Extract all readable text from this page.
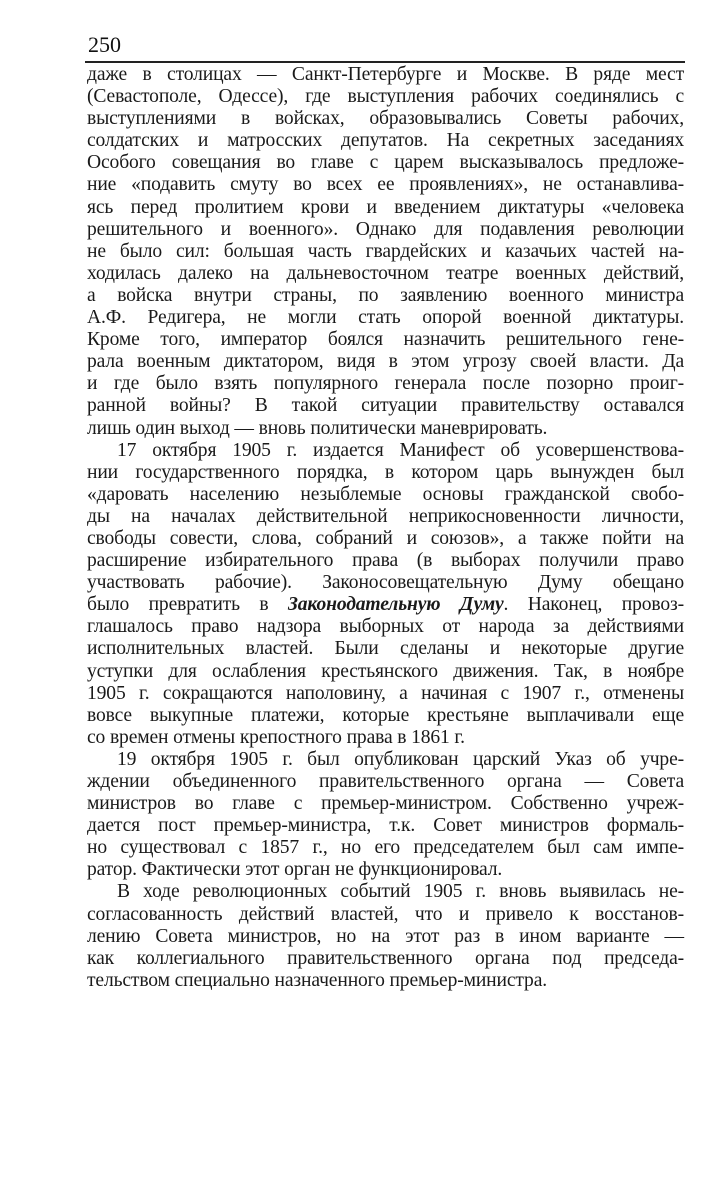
250
даже в столицах — Санкт-Петербурге и Москве. В ряде мест
(Севастополе, Одессе), где выступления рабочих соединялись с
выступлениями в войсках, образовывались Советы рабочих,
солдатских и матросских депутатов. На секретных заседаниях
Особого совещания во главе с царем высказывалось предложе-
ние «подавить смуту во всех ее проявлениях», не останавлива-
ясь перед пролитием крови и введением диктатуры «человека
решительного и военного». Однако для подавления революции
не было сил: большая часть гвардейских и казачьих частей на-
ходилась далеко на дальневосточном театре военных действий,
а войска внутри страны, по заявлению военного министра
А.Ф. Редигера, не могли стать опорой военной диктатуры.
Кроме того, император боялся назначить решительного гене-
рала военным диктатором, видя в этом угрозу своей власти. Да
и где было взять популярного генерала после позорно проиг-
ранной войны? В такой ситуации правительству оставался
лишь один выход — вновь политически маневрировать.
17 октября 1905 г. издается Манифест об усовершенствова-
нии государственного порядка, в котором царь вынужден был
«даровать населению незыблемые основы гражданской свобо-
ды на началах действительной неприкосновенности личности,
свободы совести, слова, собраний и союзов», а также пойти на
расширение избирательного права (в выборах получили право
участвовать рабочие). Законосовещательную Думу обещано
было превратить в Законодательную Думу. Наконец, провоз-
глашалось право надзора выборных от народа за действиями
исполнительных властей. Были сделаны и некоторые другие
уступки для ослабления крестьянского движения. Так, в ноябре
1905 г. сокращаются наполовину, а начиная с 1907 г., отменены
вовсе выкупные платежи, которые крестьяне выплачивали еще
со времен отмены крепостного права в 1861 г.
19 октября 1905 г. был опубликован царский Указ об учре-
ждении объединенного правительственного органа — Совета
министров во главе с премьер-министром. Собственно учреж-
дается пост премьер-министра, т.к. Совет министров формаль-
но существовал с 1857 г., но его председателем был сам импе-
ратор. Фактически этот орган не функционировал.
В ходе революционных событий 1905 г. вновь выявилась не-
согласованность действий властей, что и привело к восстанов-
лению Совета министров, но на этот раз в ином варианте —
как коллегиального правительственного органа под председа-
тельством специально назначенного премьер-министра.
